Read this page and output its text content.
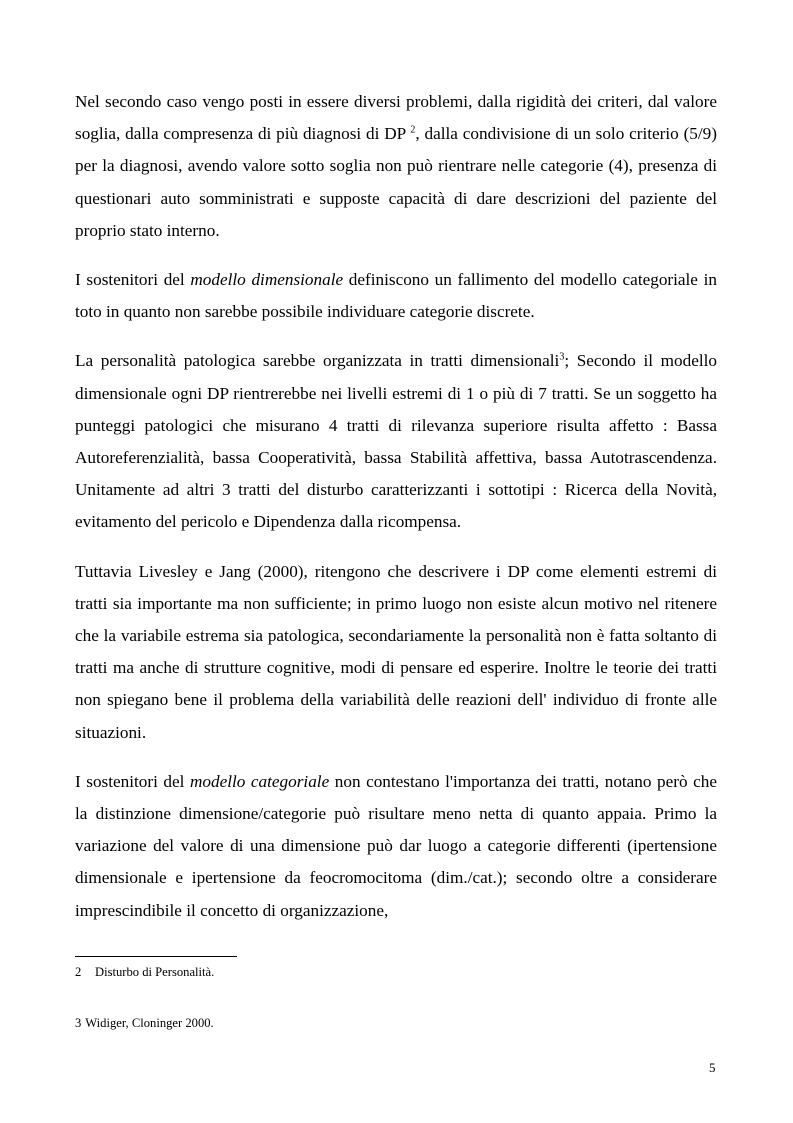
Nel secondo caso vengo posti in essere diversi problemi, dalla rigidità dei criteri, dal valore soglia, dalla compresenza di più diagnosi di DP $^2$, dalla condivisione di un solo criterio (5/9) per la diagnosi, avendo valore sotto soglia non può rientrare nelle categorie (4), presenza di questionari auto somministrati e supposte capacità di dare descrizioni del paziente del proprio stato interno.

I sostenitori del modello dimensionale definiscono un fallimento del modello categoriale in toto in quanto non sarebbe possibile individuare categorie discrete.

La personalità patologica sarebbe organizzata in tratti dimensionali$^3$; Secondo il modello dimensionale ogni DP rientrerebbe nei livelli estremi di 1 o più di 7 tratti. Se un soggetto ha punteggi patologici che misurano 4 tratti di rilevanza superiore risulta affetto : Bassa Autoreferenzialità, bassa Cooperatività, bassa Stabilità affettiva, bassa Autotrascendenza. Unitamente ad altri 3 tratti del disturbo caratterizzanti i sottotipi : Ricerca della Novità, evitamento del pericolo e Dipendenza dalla ricompensa.

Tuttavia Livesley e Jang (2000), ritengono che descrivere i DP come elementi estremi di tratti sia importante ma non sufficiente; in primo luogo non esiste alcun motivo nel ritenere che la variabile estrema sia patologica, secondariamente la personalità non è fatta soltanto di tratti ma anche di strutture cognitive, modi di pensare ed esperire. Inoltre le teorie dei tratti non spiegano bene il problema della variabilità delle reazioni dell' individuo di fronte alle situazioni.

I sostenitori del modello categoriale non contestano l'importanza dei tratti, notano però che la distinzione dimensione/categorie può risultare meno netta di quanto appaia. Primo la variazione del valore di una dimensione può dar luogo a categorie differenti (ipertensione dimensionale e ipertensione da feocromocitoma (dim./cat.); secondo oltre a considerare imprescindibile il concetto di organizzazione,

2 Disturbo di Personalità.
3 Widiger, Cloninger 2000.
5
